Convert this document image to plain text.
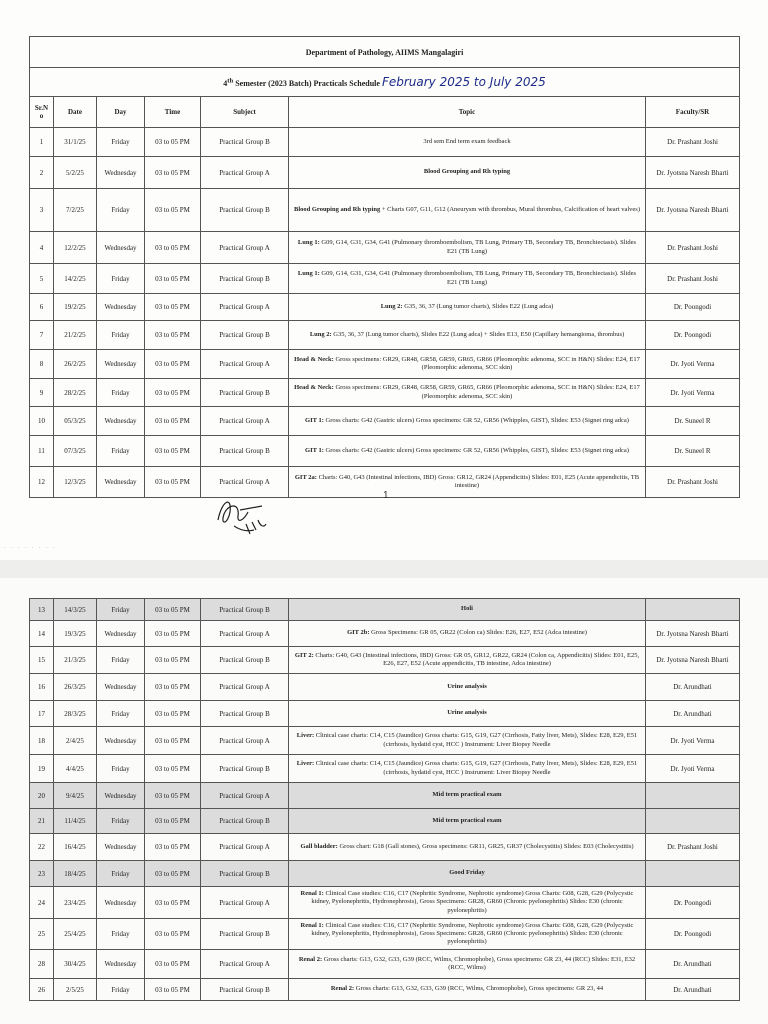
Department of Pathology, AIIMS Mangalagiri						
4th Semester (2023 Batch) Practicals Schedule February 2025 to July 2025						
Sr.N o	Date	Day	Time	Subject	Topic	Faculty/SR
1	31/1/25	Friday	03 to 05 PM	Practical Group B	3rd sem End term exam feedback	Dr. Prashant Joshi
2	5/2/25	Wednesday	03 to 05 PM	Practical Group A	Blood Grouping and Rh typing	Dr. Jyotsna Naresh Bharti
3	7/2/25	Friday	03 to 05 PM	Practical Group B	Blood Grouping and Rh typing + Charts G07, G11, G12 (Aneurysm with thrombus, Mural thrombus, Calcification of heart valves)	Dr. Jyotsna Naresh Bharti
4	12/2/25	Wednesday	03 to 05 PM	Practical Group A	Lung 1: G09, G14, G31, G34, G41 (Pulmonary thromboembolism, TB Lung, Primary TB, Secondary TB, Bronchiectasis). Slides E21 (TB Lung)	Dr. Prashant Joshi
5	14/2/25	Friday	03 to 05 PM	Practical Group B	Lung 1: G09, G14, G31, G34, G41 (Pulmonary thromboembolism, TB Lung, Primary TB, Secondary TB, Bronchiectasis). Slides E21 (TB Lung)	Dr. Prashant Joshi
6	19/2/25	Wednesday	03 to 05 PM	Practical Group A	Lung 2: G35, 36, 37 (Lung tumor charts), Slides E22 (Lung adca)	Dr. Poongodi
7	21/2/25	Friday	03 to 05 PM	Practical Group B	Lung 2: G35, 36, 37 (Lung tumor charts), Slides E22 (Lung adca) + Slides E13, E50 (Capillary hemangioma, thrombus)	Dr. Poongodi
8	26/2/25	Wednesday	03 to 05 PM	Practical Group A	Head & Neck: Gross specimens: GR29, GR48, GR58, GR59, GR65, GR66 (Pleomorphic adenoma, SCC in H&N) Slides: E24, E17 (Pleomorphic adenoma, SCC skin)	Dr. Jyoti Verma
9	28/2/25	Friday	03 to 05 PM	Practical Group B	Head & Neck: Gross specimens: GR29, GR48, GR58, GR59, GR65, GR66 (Pleomorphic adenoma, SCC in H&N) Slides: E24, E17 (Pleomorphic adenoma, SCC skin)	Dr. Jyoti Verma
10	05/3/25	Wednesday	03 to 05 PM	Practical Group A	GIT 1: Gross charts: G42 (Gastric ulcers) Gross specimens: GR 52, GR56 (Whipples, GIST), Slides: E53 (Signet ring adca)	Dr. Suneel R
11	07/3/25	Friday	03 to 05 PM	Practical Group B	GIT 1: Gross charts: G42 (Gastric ulcers) Gross specimens: GR 52, GR56 (Whipples, GIST), Slides: E53 (Signet ring adca)	Dr. Suneel R
12	12/3/25	Wednesday	03 to 05 PM	Practical Group A	GIT 2a: Charts: G40, G43 (Intestinal infections, IBD) Gross: GR12, GR24 (Appendicitis) Slides: E01, E25 (Acute appendicitis, TB intestine)	Dr. Prashant Joshi
1
. . . . . . . .
13	14/3/25	Friday	03 to 05 PM	Practical Group B	Holi	
14	19/3/25	Wednesday	03 to 05 PM	Practical Group A	GIT 2b: Gross Specimens: GR 05, GR22 (Colon ca) Slides: E26, E27, E52 (Adca intestine)	Dr. Jyotsna Naresh Bharti
15	21/3/25	Friday	03 to 05 PM	Practical Group B	GIT 2: Charts: G40, G43 (Intestinal infections, IBD) Gross: GR 05, GR12, GR22, GR24 (Colon ca, Appendicitis) Slides: E01, E25, E26, E27, E52 (Acute appendicitis, TB intestine, Adca intestine)	Dr. Jyotsna Naresh Bharti
16	26/3/25	Wednesday	03 to 05 PM	Practical Group A	Urine analysis	Dr. Arundhati
17	28/3/25	Friday	03 to 05 PM	Practical Group B	Urine analysis	Dr. Arundhati
18	2/4/25	Wednesday	03 to 05 PM	Practical Group A	Liver: Clinical case charts: C14, C15 (Jaundice) Gross charts: G15, G19, G27 (Cirrhosis, Fatty liver, Mets), Slides: E28, E29, E51 (cirrhosis, hydatid cyst, HCC ) Instrument: Liver Biopsy Needle	Dr. Jyoti Verma
19	4/4/25	Friday	03 to 05 PM	Practical Group B	Liver: Clinical case charts: C14, C15 (Jaundice) Gross charts: G15, G19, G27 (Cirrhosis, Fatty liver, Mets), Slides: E28, E29, E51 (cirrhosis, hydatid cyst, HCC ) Instrument: Liver Biopsy Needle	Dr. Jyoti Verma
20	9/4/25	Wednesday	03 to 05 PM	Practical Group A	Mid term practical exam	
21	11/4/25	Friday	03 to 05 PM	Practical Group B	Mid term practical exam	
22	16/4/25	Wednesday	03 to 05 PM	Practical Group A	Gall bladder: Gross chart: G18 (Gall stones), Gross specimens: GR11, GR25, GR37 (Cholecystitis) Slides: E03 (Cholecystitis)	Dr. Prashant Joshi
23	18/4/25	Friday	03 to 05 PM	Practical Group B	Good Friday	
24	23/4/25	Wednesday	03 to 05 PM	Practical Group A	Renal 1: Clinical Case studies: C16, C17 (Nephritic Syndrome, Nephrotic syndrome) Gross Charts: G08, G28, G29 (Polycystic kidney, Pyelonephritis, Hydronephrosis), Gross Specimens: GR28, GR60 (Chronic pyelonephritis) Slides: E30 (chronic pyelonephritis)	Dr. Poongodi
25	25/4/25	Friday	03 to 05 PM	Practical Group B	Renal 1: Clinical Case studies: C16, C17 (Nephritic Syndrome, Nephrotic syndrome) Gross Charts: G08, G28, G29 (Polycystic kidney, Pyelonephritis, Hydronephrosis), Gross Specimens: GR28, GR60 (Chronic pyelonephritis) Slides: E30 (chronic pyelonephritis)	Dr. Poongodi
28	30/4/25	Wednesday	03 to 05 PM	Practical Group A	Renal 2: Gross charts: G13, G32, G33, G39 (RCC, Wilms, Chromophobe), Gross specimens: GR 23, 44 (RCC) Slides: E31, E32 (RCC, Wilms)	Dr. Arundhati
26	2/5/25	Friday	03 to 05 PM	Practical Group B	Renal 2: Gross charts: G13, G32, G33, G39 (RCC, Wilms, Chromophobe), Gross specimens: GR 23, 44	Dr. Arundhati
